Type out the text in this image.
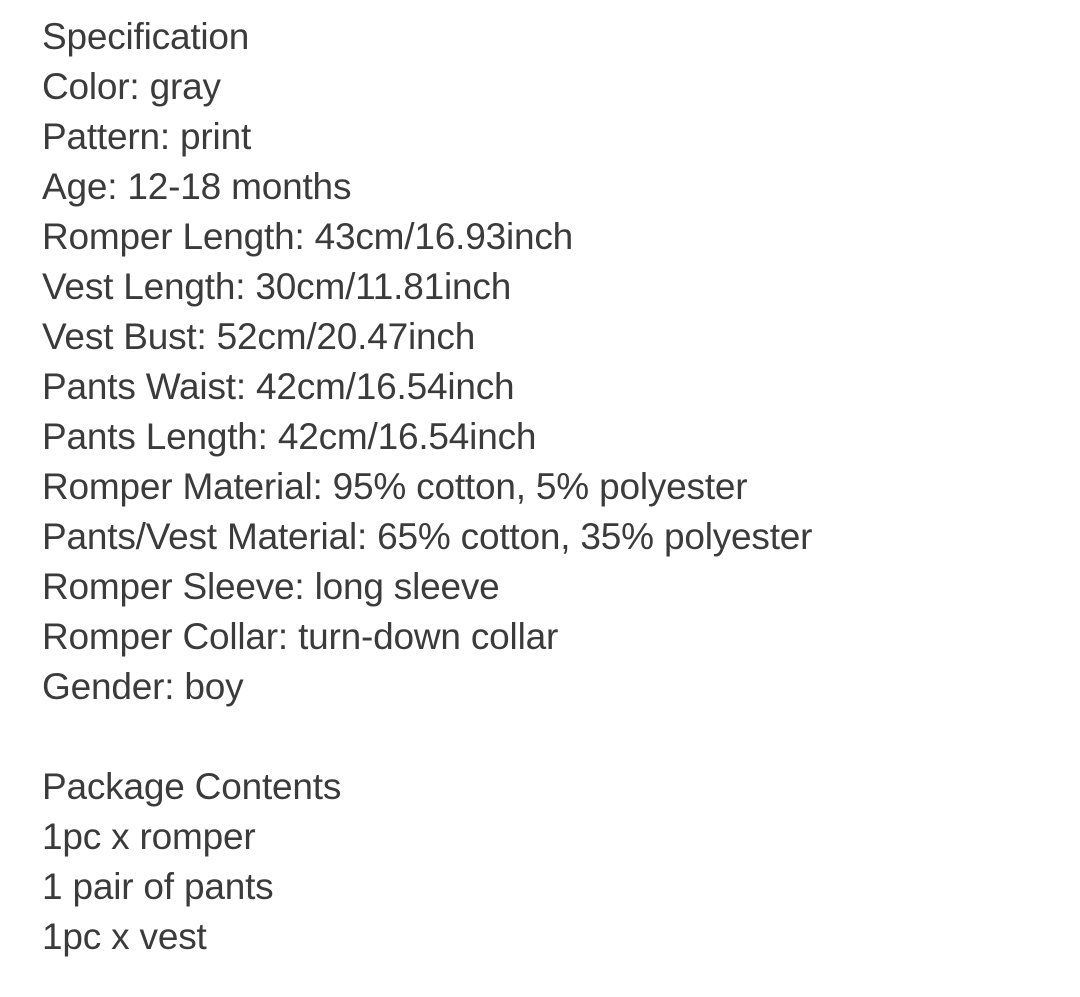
Specification
Color: gray
Pattern: print
Age: 12-18 months
Romper Length: 43cm/16.93inch
Vest Length: 30cm/11.81inch
Vest Bust: 52cm/20.47inch
Pants Waist: 42cm/16.54inch
Pants Length: 42cm/16.54inch
Romper Material: 95% cotton, 5% polyester
Pants/Vest Material: 65% cotton, 35% polyester
Romper Sleeve: long sleeve
Romper Collar: turn-down collar
Gender: boy
Package Contents
1pc x romper
1 pair of pants
1pc x vest
